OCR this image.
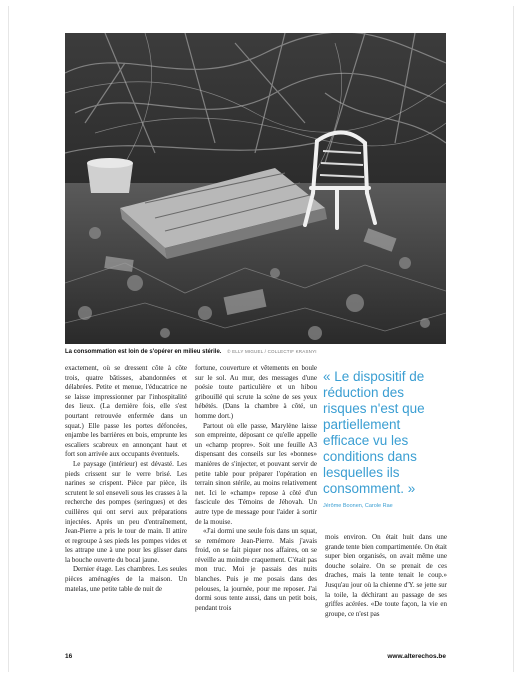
La consommation est loin de s'opérer en milieu stérile. © ELLY MIGUEL / COLLECTIF KRASNYI

exactement, où se dressent côte à côte trois, quatre bâtisses, abandonnées et délabrées. Petite et menue, l'éducatrice ne se laisse impressionner par l'inhospitalité des lieux. (La dernière fois, elle s'est pourtant retrouvée enfermée dans un squat.) Elle passe les portes défoncées, enjambe les barrières en bois, emprunte les escaliers scabreux en annonçant haut et fort son arrivée aux occupants éventuels.

Le paysage (intérieur) est dévasté. Les pieds crissent sur le verre brisé. Les narines se crispent. Pièce par pièce, ils scrutent le sol enseveli sous les crasses à la recherche des pompes (seringues) et des cuillères qui ont servi aux préparations injectées. Après un peu d'entraînement, Jean-Pierre a pris le tour de main. Il attire et regroupe à ses pieds les pompes vides et les attrape une à une pour les glisser dans la bouche ouverte du bocal jaune.

Dernier étage. Les chambres. Les seules pièces aménagées de la maison. Un matelas, une petite table de nuit de

fortune, couverture et vêtements en boule sur le sol. Au mur, des messages d'une poésie toute particulière et un hibou gribouillé qui scrute la scène de ses yeux hébétés. (Dans la chambre à côté, un homme dort.)

Partout où elle passe, Marylène laisse son empreinte, déposant ce qu'elle appelle un «champ propre». Soit une feuille A3 dispensant des conseils sur les «bonnes» manières de s'injecter, et pouvant servir de petite table pour préparer l'opération en terrain sinon stérile, au moins relativement net. Ici le «champ» repose à côté d'un fascicule des Témoins de Jéhovah. Un autre type de message pour l'aider à sortir de la mouise.

«J'ai dormi une seule fois dans un squat, se remémore Jean-Pierre. Mais j'avais froid, on se fait piquer nos affaires, on se réveille au moindre craquement. C'était pas mon truc. Moi je passais des nuits blanches. Puis je me posais dans des pelouses, la journée, pour me reposer. J'ai dormi sous tente aussi, dans un petit bois, pendant trois

« Le dispositif de réduction des risques n'est que partiellement efficace vu les conditions dans lesquelles ils consomment. »

Jérôme Boonen, Carole Rae

mois environ. On était huit dans une grande tente bien compartimentée. On était super bien organisés, on avait même une douche solaire. On se prenait de ces draches, mais la tente tenait le coup.» Jusqu'au jour où la chienne d'Y. se jette sur la toile, la déchirant au passage de ses griffes acérées. «De toute façon, la vie en groupe, ce n'est pas

16	www.alterechos.be
